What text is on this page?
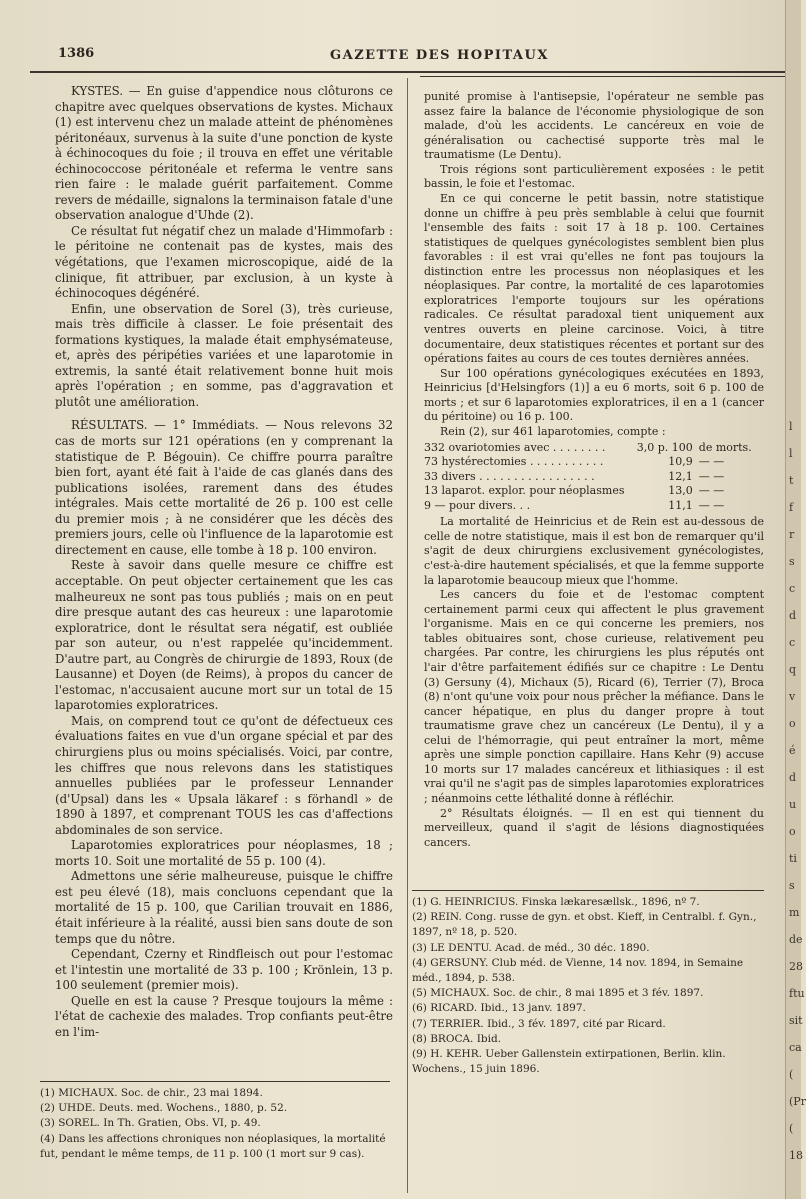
1386	GAZETTE DES HOPITAUX

KYSTES. — En guise d'appendice nous clôturons ce chapitre avec quelques observations de kystes. Michaux (1) est intervenu chez un malade atteint de phénomènes péritonéaux, survenus à la suite d'une ponction de kyste à échinocoques du foie ; il trouva en effet une véritable échinococcose péritonéale et referma le ventre sans rien faire : le malade guérit parfaitement. Comme revers de médaille, signalons la terminaison fatale d'une observation analogue d'Uhde (2).

Ce résultat fut négatif chez un malade d'Himmofarb : le péritoine ne contenait pas de kystes, mais des végétations, que l'examen microscopique, aidé de la clinique, fit attribuer, par exclusion, à un kyste à échinocoques dégénéré.

Enfin, une observation de Sorel (3), très curieuse, mais très difficile à classer. Le foie présentait des formations kystiques, la malade était emphysémateuse, et, après des péripéties variées et une laparotomie in extremis, la santé était relativement bonne huit mois après l'opération ; en somme, pas d'aggravation et plutôt une amélioration.

RÉSULTATS. — 1° Immédiats. — Nous relevons 32 cas de morts sur 121 opérations (en y comprenant la statistique de P. Bégouin). Ce chiffre pourra paraître bien fort, ayant été fait à l'aide de cas glanés dans des publications isolées, rarement dans des études intégrales. Mais cette mortalité de 26 p. 100 est celle du premier mois ; à ne considérer que les décès des premiers jours, celle où l'influence de la laparotomie est directement en cause, elle tombe à 18 p. 100 environ.

Reste à savoir dans quelle mesure ce chiffre est acceptable. On peut objecter certainement que les cas malheureux ne sont pas tous publiés ; mais on en peut dire presque autant des cas heureux : une laparotomie exploratrice, dont le résultat sera négatif, est oubliée par son auteur, ou n'est rappelée qu'incidemment. D'autre part, au Congrès de chirurgie de 1893, Roux (de Lausanne) et Doyen (de Reims), à propos du cancer de l'estomac, n'accusaient aucune mort sur un total de 15 laparotomies exploratrices.

Mais, on comprend tout ce qu'ont de défectueux ces évaluations faites en vue d'un organe spécial et par des chirurgiens plus ou moins spécialisés. Voici, par contre, les chiffres que nous relevons dans les statistiques annuelles publiées par le professeur Lennander (d'Upsal) dans les « Upsala läkaref : s förhandl » de 1890 à 1897, et comprenant TOUS les cas d'affections abdominales de son service.

Laparotomies exploratrices pour néoplasmes, 18 ; morts 10. Soit une mortalité de 55 p. 100 (4).

Admettons une série malheureuse, puisque le chiffre est peu élevé (18), mais concluons cependant que la mortalité de 15 p. 100, que Carilian trouvait en 1886, était inférieure à la réalité, aussi bien sans doute de son temps que du nôtre.

Cependant, Czerny et Rindfleisch out pour l'estomac et l'intestin une mortalité de 33 p. 100 ; Krönlein, 13 p. 100 seulement (premier mois).

Quelle en est la cause ? Presque toujours la même : l'état de cachexie des malades. Trop confiants peut-être en l'im-

(1) MICHAUX. Soc. de chir., 23 mai 1894.

(2) UHDE. Deuts. med. Wochens., 1880, p. 52.

(3) SOREL. In Th. Gratien, Obs. VI, p. 49.

(4) Dans les affections chroniques non néoplasiques, la mortalité fut, pendant le même temps, de 11 p. 100 (1 mort sur 9 cas).

punité promise à l'antisepsie, l'opérateur ne semble pas assez faire la balance de l'économie physiologique de son malade, d'où les accidents. Le cancéreux en voie de généralisation ou cachectisé supporte très mal le traumatisme (Le Dentu).

Trois régions sont particulièrement exposées : le petit bassin, le foie et l'estomac.

En ce qui concerne le petit bassin, notre statistique donne un chiffre à peu près semblable à celui que fournit l'ensemble des faits : soit 17 à 18 p. 100. Certaines statistiques de quelques gynécologistes semblent bien plus favorables : il est vrai qu'elles ne font pas toujours la distinction entre les processus non néoplasiques et les néoplasiques. Par contre, la mortalité de ces laparotomies exploratrices l'emporte toujours sur les opérations radicales. Ce résultat paradoxal tient uniquement aux ventres ouverts en pleine carcinose. Voici, à titre documentaire, deux statistiques récentes et portant sur des opérations faites au cours de ces toutes dernières années.

Sur 100 opérations gynécologiques exécutées en 1893, Heinricius [d'Helsingfors (1)] a eu 6 morts, soit 6 p. 100 de morts ; et sur 6 laparotomies exploratrices, il en a 1 (cancer du péritoine) ou 16 p. 100.

Rein (2), sur 461 laparotomies, compte :

332 ovariotomies avec . . . . . . . .	3,0 p. 100 de morts.
73 hystérectomies . . . . . . . . . . .	10,9 — —
33 divers . . . . . . . . . . . . . . . . .	12,1 — —
13 laparot. explor. pour néoplasmes	13,0 — —
9 — pour divers. . .	11,1 — —

La mortalité de Heinricius et de Rein est au-dessous de celle de notre statistique, mais il est bon de remarquer qu'il s'agit de deux chirurgiens exclusivement gynécologistes, c'est-à-dire hautement spécialisés, et que la femme supporte la laparotomie beaucoup mieux que l'homme.

Les cancers du foie et de l'estomac comptent certainement parmi ceux qui affectent le plus gravement l'organisme. Mais en ce qui concerne les premiers, nos tables obituaires sont, chose curieuse, relativement peu chargées. Par contre, les chirurgiens les plus réputés ont l'air d'être parfaitement édifiés sur ce chapitre : Le Dentu (3) Gersuny (4), Michaux (5), Ricard (6), Terrier (7), Broca (8) n'ont qu'une voix pour nous prêcher la méfiance. Dans le cancer hépatique, en plus du danger propre à tout traumatisme grave chez un cancéreux (Le Dentu), il y a celui de l'hémorragie, qui peut entraîner la mort, même après une simple ponction capillaire. Hans Kehr (9) accuse 10 morts sur 17 malades cancéreux et lithiasiques : il est vrai qu'il ne s'agit pas de simples laparotomies exploratrices ; néanmoins cette léthalité donne à réfléchir.

2° Résultats éloignés. — Il en est qui tiennent du merveilleux, quand il s'agit de lésions diagnostiquées cancers.

(1) G. HEINRICIUS. Finska lækaresællsk., 1896, nº 7.

(2) REIN. Cong. russe de gyn. et obst. Kieff, in Centralbl. f. Gyn., 1897, nº 18, p. 520.

(3) LE DENTU. Acad. de méd., 30 déc. 1890.

(4) GERSUNY. Club méd. de Vienne, 14 nov. 1894, in Semaine méd., 1894, p. 538.

(5) MICHAUX. Soc. de chir., 8 mai 1895 et 3 fév. 1897.

(6) RICARD. Ibid., 13 janv. 1897.

(7) TERRIER. Ibid., 3 fév. 1897, cité par Ricard.

(8) BROCA. Ibid.

(9) H. KEHR. Ueber Gallenstein extirpationen, Berlin. klin. Wochens., 15 juin 1896.

l
l
t
f
r
s
c
d
c
q
v
o
é
d
u
o
ti
s
m
de
28
ftu
sit
ca
(
(Pr
(
18
